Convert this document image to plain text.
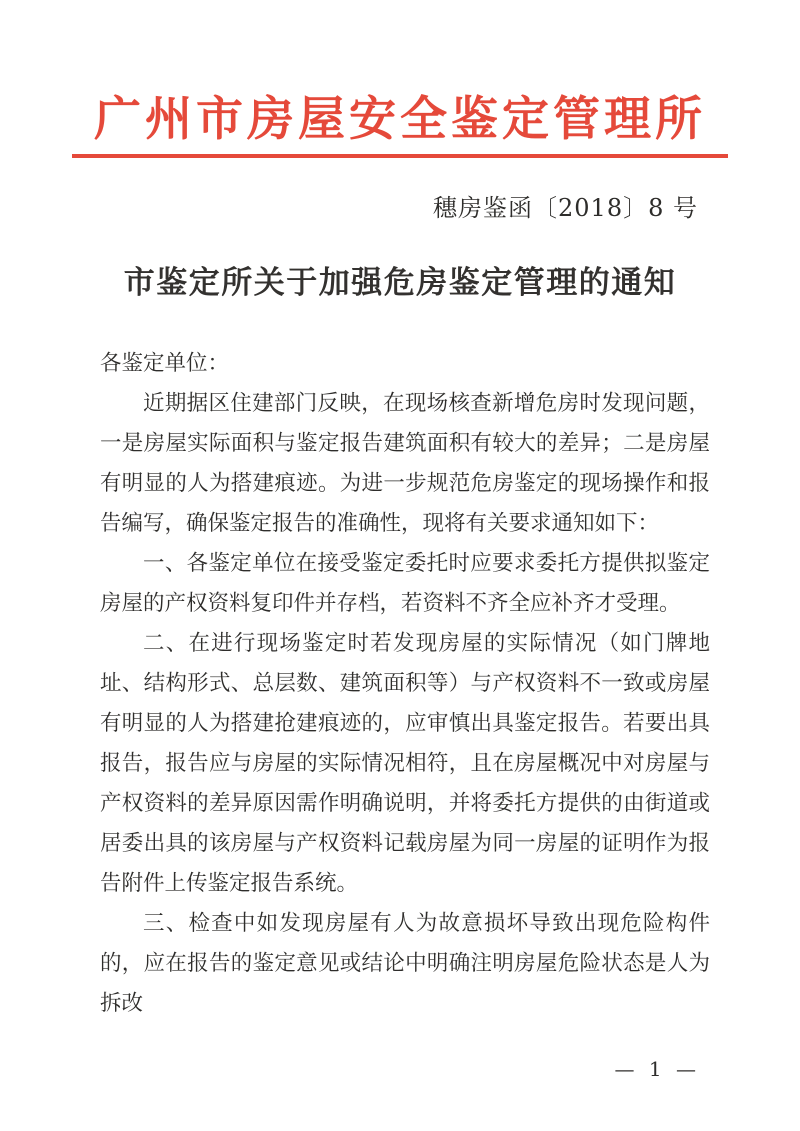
广州市房屋安全鉴定管理所
穗房鉴函〔2018〕8 号
市鉴定所关于加强危房鉴定管理的通知

各鉴定单位：

近期据区住建部门反映，在现场核查新增危房时发现问题，一是房屋实际面积与鉴定报告建筑面积有较大的差异；二是房屋有明显的人为搭建痕迹。为进一步规范危房鉴定的现场操作和报告编写，确保鉴定报告的准确性，现将有关要求通知如下：

一、各鉴定单位在接受鉴定委托时应要求委托方提供拟鉴定房屋的产权资料复印件并存档，若资料不齐全应补齐才受理。

二、在进行现场鉴定时若发现房屋的实际情况（如门牌地址、结构形式、总层数、建筑面积等）与产权资料不一致或房屋有明显的人为搭建抢建痕迹的，应审慎出具鉴定报告。若要出具报告，报告应与房屋的实际情况相符，且在房屋概况中对房屋与产权资料的差异原因需作明确说明，并将委托方提供的由街道或居委出具的该房屋与产权资料记载房屋为同一房屋的证明作为报告附件上传鉴定报告系统。

三、检查中如发现房屋有人为故意损坏导致出现危险构件的，应在报告的鉴定意见或结论中明确注明房屋危险状态是人为拆改

— 1 —
